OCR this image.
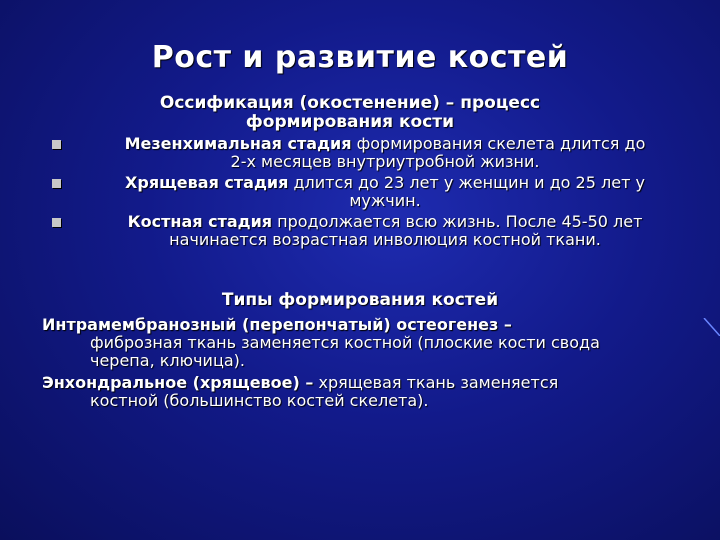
Рост и развитие костей
Оссификация (окостенение) – процесс
формирования кости
Мезенхимальная стадия формирования скелета длится до
2-х месяцев внутриутробной жизни.
Хрящевая стадия длится до 23 лет у женщин и до 25 лет у
мужчин.
Костная стадия продолжается всю жизнь. После 45-50 лет
начинается возрастная инволюция костной ткани.
Типы формирования костей
Интрамембранозный (перепончатый) остеогенез –
фиброзная ткань заменяется костной (плоские кости свода
черепа, ключица).
Энхондральное (хрящевое) – хрящевая ткань заменяется
костной (большинство костей скелета).
